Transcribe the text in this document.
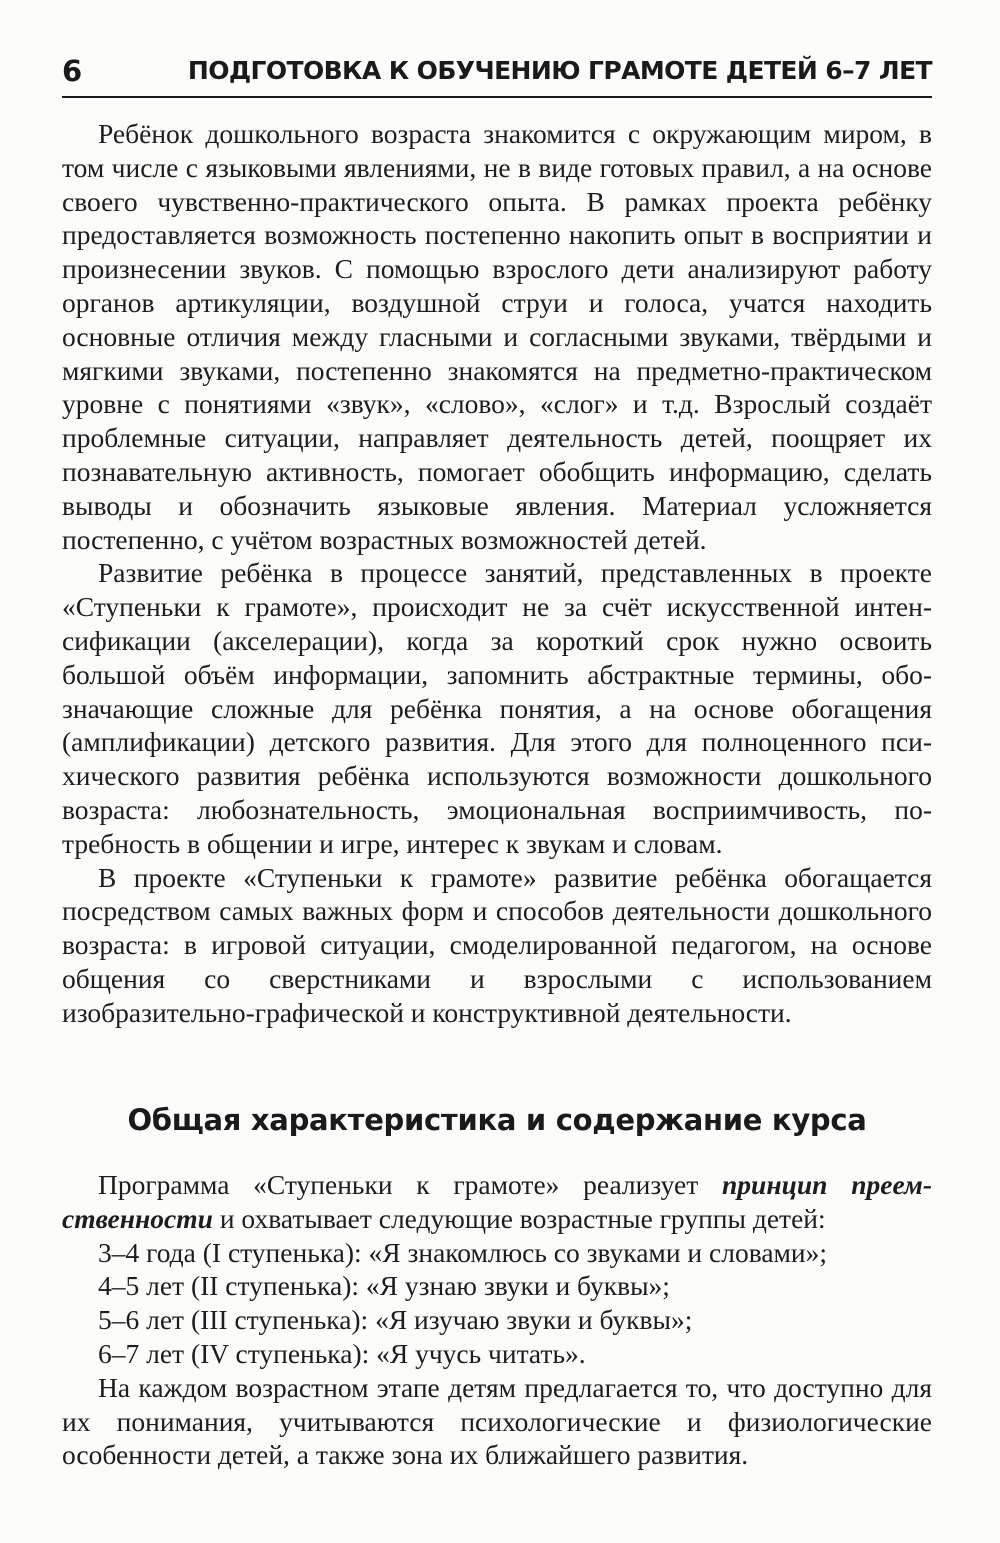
6	ПОДГОТОВКА К ОБУЧЕНИЮ ГРАМОТЕ ДЕТЕЙ 6–7 ЛЕТ

Ребёнок дошкольного возраста знакомится с окружающим миром, в том числе с языковыми явлениями, не в виде готовых правил, а на основе своего чувственно-практического опыта. В рамках проекта ребёнку предоставляется возможность постепенно накопить опыт в восприятии и произнесении звуков. С помощью взрослого дети анализируют работу органов артикуляции, воздушной струи и голоса, учатся находить основные отличия между гласными и согласными звуками, твёрдыми и мягкими звуками, постепенно знакомятся на предметно-практическом уровне с понятиями «звук», «слово», «слог» и т.д. Взрослый создаёт проблемные ситуации, направляет деятельность детей, поощряет их познавательную активность, помогает обобщить информацию, сделать выводы и обозначить языковые явления. Материал усложняется постепенно, с учётом возрастных возможностей детей.

Развитие ребёнка в процессе занятий, представленных в проекте «Ступеньки к грамоте», происходит не за счёт искусственной интенсификации (акселерации), когда за короткий срок нужно освоить большой объём информации, запомнить абстрактные термины, обозначающие сложные для ребёнка понятия, а на основе обогащения (амплификации) детского развития. Для этого для полноценного психического развития ребёнка используются возможности дошкольного возраста: любознательность, эмоциональная восприимчивость, потребность в общении и игре, интерес к звукам и словам.

В проекте «Ступеньки к грамоте» развитие ребёнка обогащается посредством самых важных форм и способов деятельности дошкольного возраста: в игровой ситуации, смоделированной педагогом, на основе общения со сверстниками и взрослыми с использованием изобразительно-графической и конструктивной деятельности.

Общая характеристика и содержание курса

Программа «Ступеньки к грамоте» реализует принцип преемственности и охватывает следующие возрастные группы детей:

3–4 года (I ступенька): «Я знакомлюсь со звуками и словами»;
4–5 лет (II ступенька): «Я узнаю звуки и буквы»;
5–6 лет (III ступенька): «Я изучаю звуки и буквы»;
6–7 лет (IV ступенька): «Я учусь читать».

На каждом возрастном этапе детям предлагается то, что доступно для их понимания, учитываются психологические и физиологические особенности детей, а также зона их ближайшего развития.
